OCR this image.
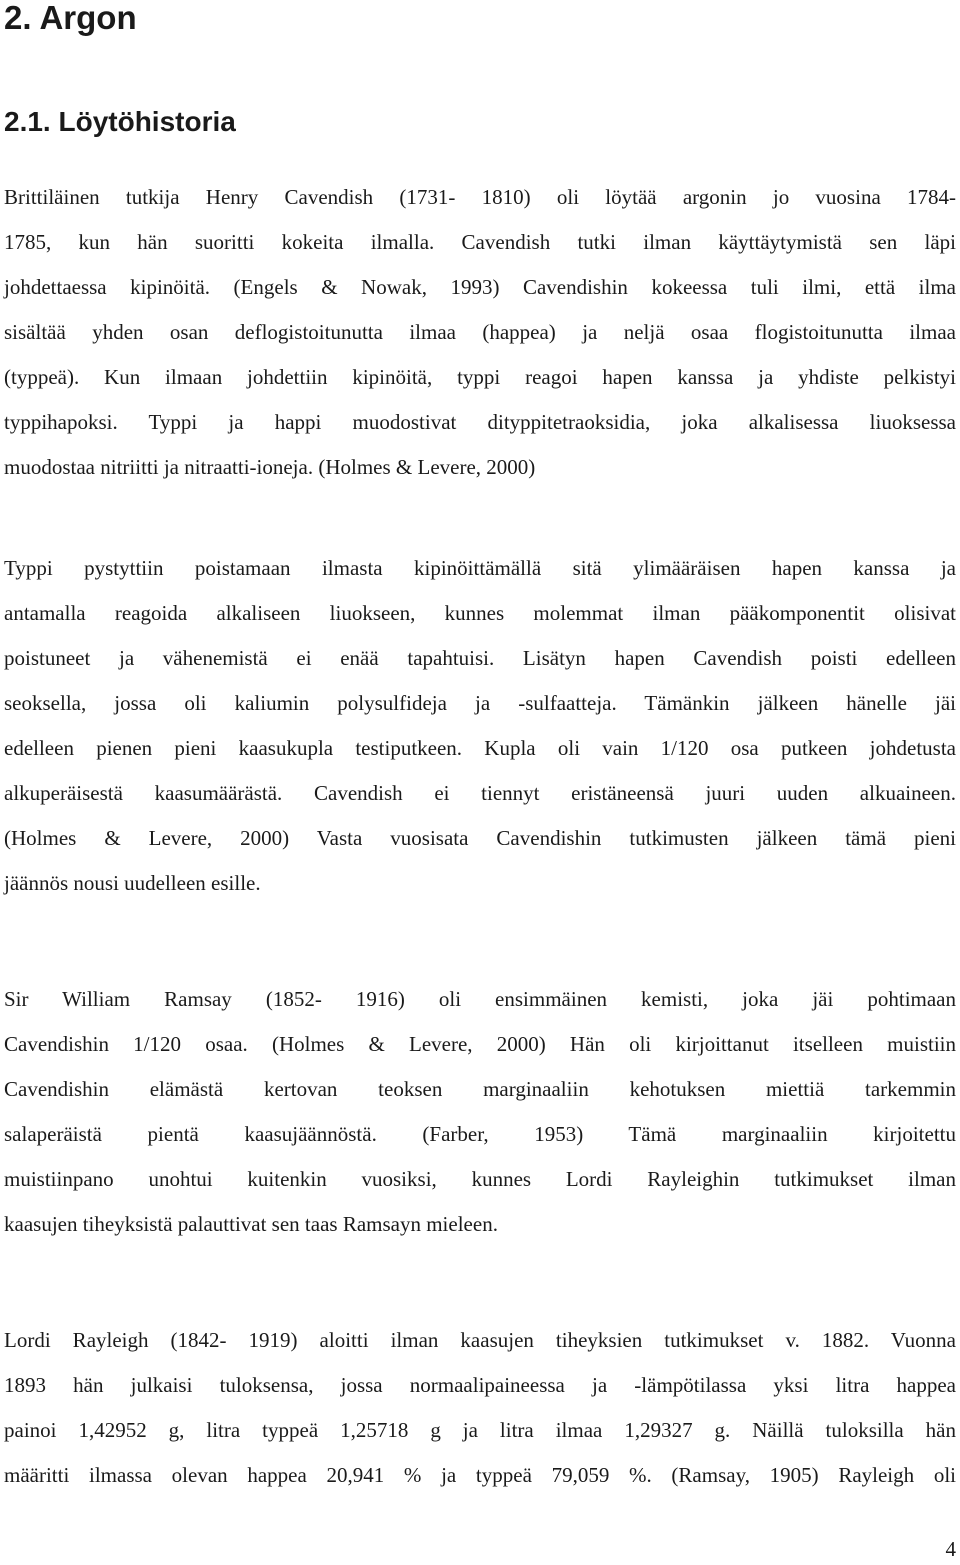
2. Argon
2.1. Löytöhistoria

Brittiläinen tutkija Henry Cavendish (1731- 1810) oli löytää argonin jo vuosina 1784-
1785, kun hän suoritti kokeita ilmalla. Cavendish tutki ilman käyttäytymistä sen läpi
johdettaessa kipinöitä. (Engels & Nowak, 1993) Cavendishin kokeessa tuli ilmi, että ilma
sisältää yhden osan deflogistoitunutta ilmaa (happea) ja neljä osaa flogistoitunutta ilmaa
(typpeä). Kun ilmaan johdettiin kipinöitä, typpi reagoi hapen kanssa ja yhdiste pelkistyi
typpihapoksi. Typpi ja happi muodostivat dityppitetraoksidia, joka alkalisessa liuoksessa
muodostaa nitriitti ja nitraatti-ioneja. (Holmes & Levere, 2000)

Typpi pystyttiin poistamaan ilmasta kipinöittämällä sitä ylimääräisen hapen kanssa ja
antamalla reagoida alkaliseen liuokseen, kunnes molemmat ilman pääkomponentit olisivat
poistuneet ja vähenemistä ei enää tapahtuisi. Lisätyn hapen Cavendish poisti edelleen
seoksella, jossa oli kaliumin polysulfideja ja -sulfaatteja. Tämänkin jälkeen hänelle jäi
edelleen pienen pieni kaasukupla testiputkeen. Kupla oli vain 1/120 osa putkeen johdetusta
alkuperäisestä kaasumäärästä. Cavendish ei tiennyt eristäneensä juuri uuden alkuaineen.
(Holmes & Levere, 2000) Vasta vuosisata Cavendishin tutkimusten jälkeen tämä pieni
jäännös nousi uudelleen esille.

Sir William Ramsay (1852- 1916) oli ensimmäinen kemisti, joka jäi pohtimaan
Cavendishin 1/120 osaa. (Holmes & Levere, 2000) Hän oli kirjoittanut itselleen muistiin
Cavendishin elämästä kertovan teoksen marginaaliin kehotuksen miettiä tarkemmin
salaperäistä pientä kaasujäännöstä. (Farber, 1953) Tämä marginaaliin kirjoitettu
muistiinpano unohtui kuitenkin vuosiksi, kunnes Lordi Rayleighin tutkimukset ilman
kaasujen tiheyksistä palauttivat sen taas Ramsayn mieleen.

Lordi Rayleigh (1842- 1919) aloitti ilman kaasujen tiheyksien tutkimukset v. 1882. Vuonna
1893 hän julkaisi tuloksensa, jossa normaalipaineessa ja -lämpötilassa yksi litra happea
painoi 1,42952 g, litra typpeä 1,25718 g ja litra ilmaa 1,29327 g. Näillä tuloksilla hän
määritti ilmassa olevan happea 20,941 % ja typpeä 79,059 %. (Ramsay, 1905) Rayleigh oli

4
